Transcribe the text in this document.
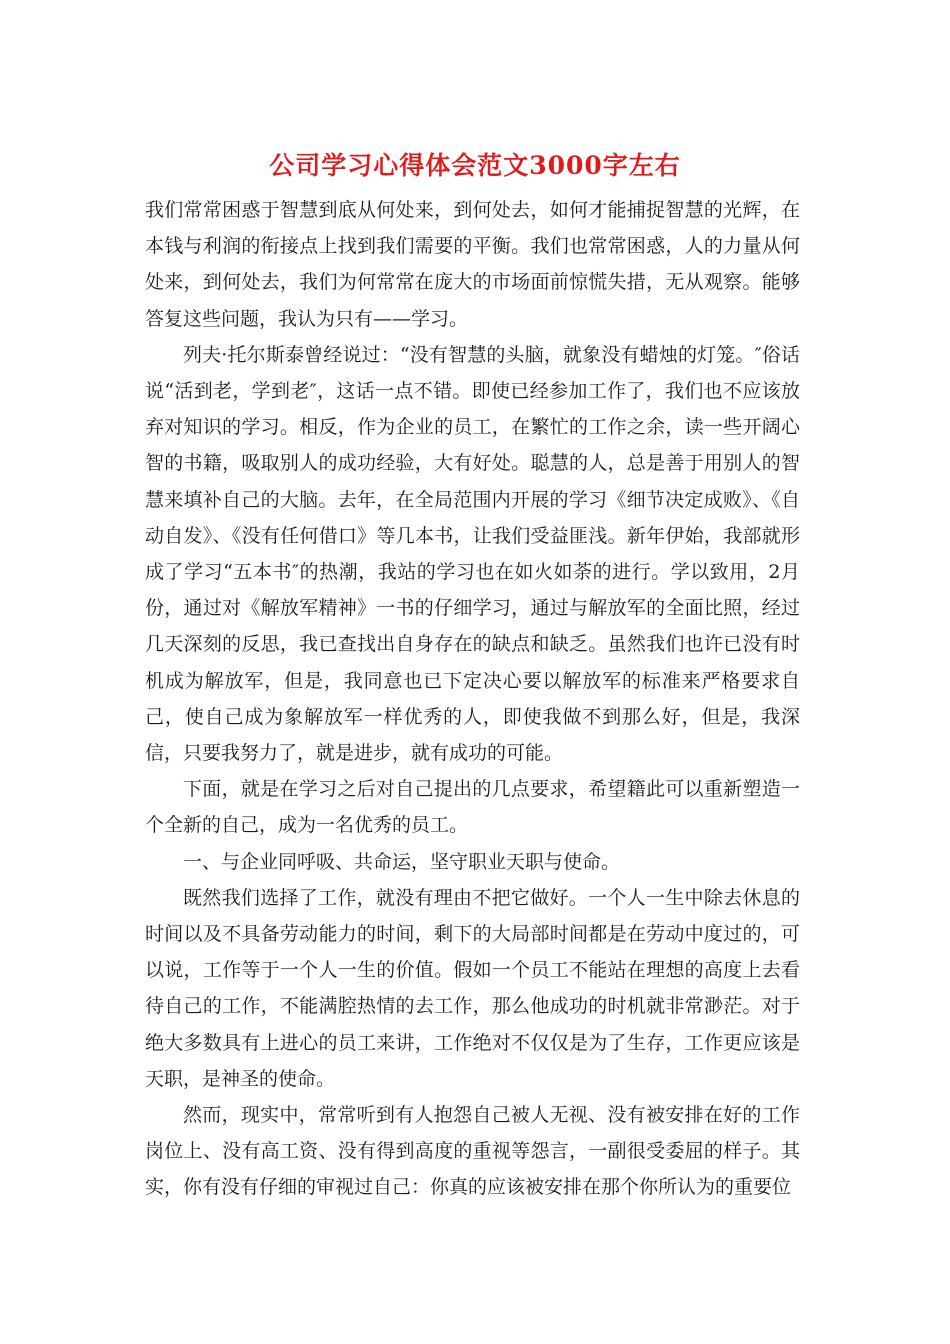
公司学习心得体会范文3000字左右

我们常常困惑于智慧到底从何处来，到何处去，如何才能捕捉智慧的光辉，在本钱与利润的衔接点上找到我们需要的平衡。我们也常常困惑，人的力量从何处来，到何处去，我们为何常常在庞大的市场面前惊慌失措，无从观察。能够答复这些问题，我认为只有——学习。

列夫·托尔斯泰曾经说过：“没有智慧的头脑，就象没有蜡烛的灯笼。″俗话说“活到老，学到老″，这话一点不错。即使已经参加工作了，我们也不应该放弃对知识的学习。相反，作为企业的员工，在繁忙的工作之余，读一些开阔心智的书籍，吸取别人的成功经验，大有好处。聪慧的人，总是善于用别人的智慧来填补自己的大脑。去年，在全局范围内开展的学习《细节决定成败》、《自动自发》、《没有任何借口》等几本书，让我们受益匪浅。新年伊始，我部就形成了学习“五本书″的热潮，我站的学习也在如火如荼的进行。学以致用，2月份，通过对《解放军精神》一书的仔细学习，通过与解放军的全面比照，经过几天深刻的反思，我已查找出自身存在的缺点和缺乏。虽然我们也许已没有时机成为解放军，但是，我同意也已下定决心要以解放军的标准来严格要求自己，使自己成为象解放军一样优秀的人，即使我做不到那么好，但是，我深信，只要我努力了，就是进步，就有成功的可能。

下面，就是在学习之后对自己提出的几点要求，希望籍此可以重新塑造一个全新的自己，成为一名优秀的员工。

一、与企业同呼吸、共命运，坚守职业天职与使命。

既然我们选择了工作，就没有理由不把它做好。一个人一生中除去休息的时间以及不具备劳动能力的时间，剩下的大局部时间都是在劳动中度过的，可以说，工作等于一个人一生的价值。假如一个员工不能站在理想的高度上去看待自己的工作，不能满腔热情的去工作，那么他成功的时机就非常渺茫。对于绝大多数具有上进心的员工来讲，工作绝对不仅仅是为了生存，工作更应该是天职，是神圣的使命。

然而，现实中，常常听到有人抱怨自己被人无视、没有被安排在好的工作岗位上、没有高工资、没有得到高度的重视等怨言，一副很受委屈的样子。其实，你有没有仔细的审视过自己：你真的应该被安排在那个你所认为的重要位
